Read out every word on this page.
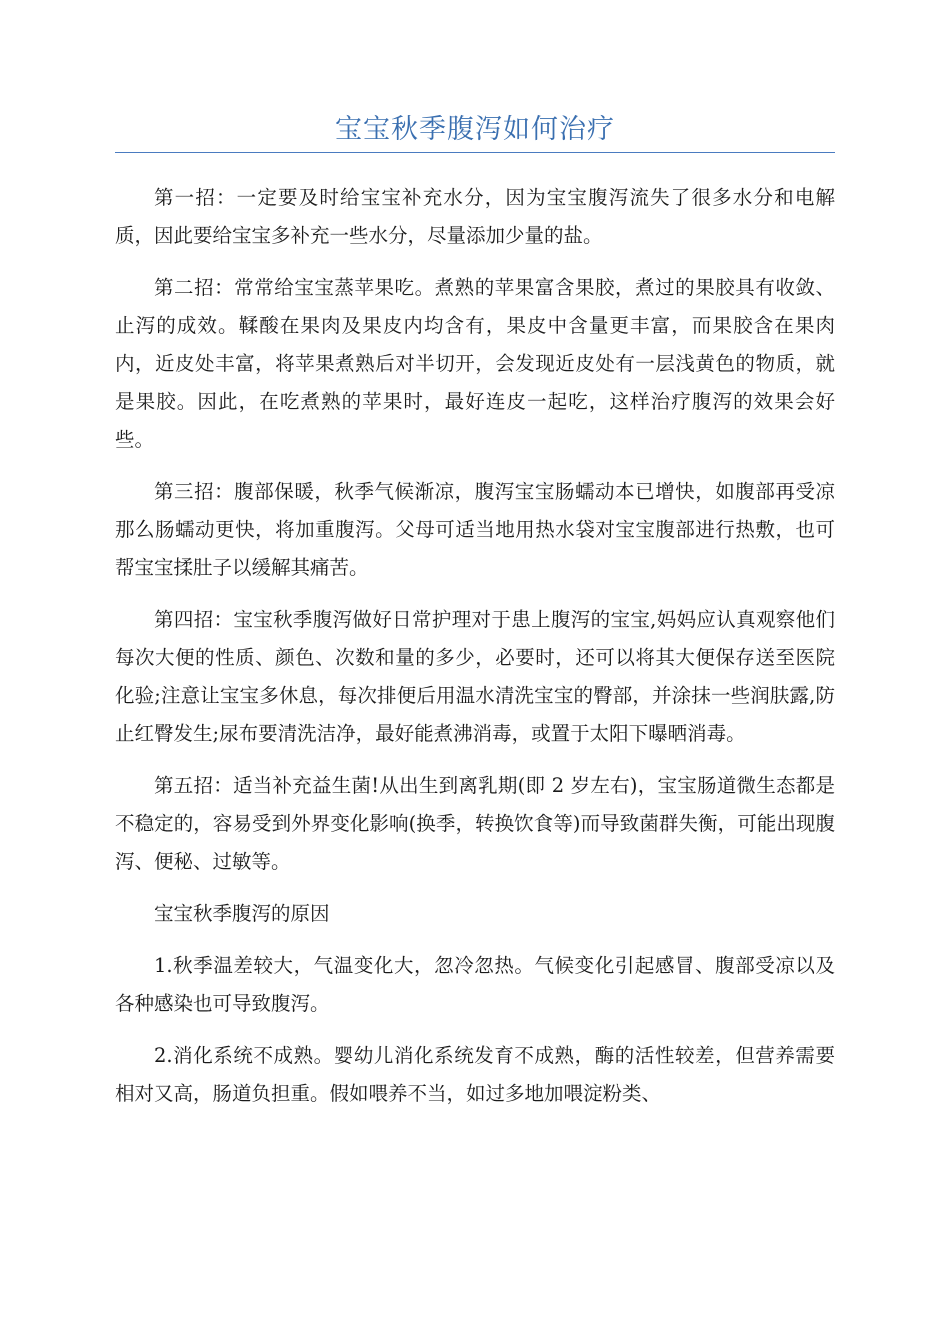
宝宝秋季腹泻如何治疗

第一招：一定要及时给宝宝补充水分，因为宝宝腹泻流失了很多水分和电解质，因此要给宝宝多补充一些水分，尽量添加少量的盐。

第二招：常常给宝宝蒸苹果吃。煮熟的苹果富含果胶，煮过的果胶具有收敛、止泻的成效。鞣酸在果肉及果皮内均含有，果皮中含量更丰富，而果胶含在果肉内，近皮处丰富，将苹果煮熟后对半切开，会发现近皮处有一层浅黄色的物质，就是果胶。因此，在吃煮熟的苹果时，最好连皮一起吃，这样治疗腹泻的效果会好些。

第三招：腹部保暖，秋季气候渐凉，腹泻宝宝肠蠕动本已增快，如腹部再受凉那么肠蠕动更快，将加重腹泻。父母可适当地用热水袋对宝宝腹部进行热敷，也可帮宝宝揉肚子以缓解其痛苦。

第四招：宝宝秋季腹泻做好日常护理对于患上腹泻的宝宝,妈妈应认真观察他们每次大便的性质、颜色、次数和量的多少，必要时，还可以将其大便保存送至医院化验;注意让宝宝多休息，每次排便后用温水清洗宝宝的臀部，并涂抹一些润肤露,防止红臀发生;尿布要清洗洁净，最好能煮沸消毒，或置于太阳下曝晒消毒。

第五招：适当补充益生菌!从出生到离乳期(即 2 岁左右)，宝宝肠道微生态都是不稳定的，容易受到外界变化影响(换季，转换饮食等)而导致菌群失衡，可能出现腹泻、便秘、过敏等。

宝宝秋季腹泻的原因

1.秋季温差较大，气温变化大，忽冷忽热。气候变化引起感冒、腹部受凉以及各种感染也可导致腹泻。

2.消化系统不成熟。婴幼儿消化系统发育不成熟，酶的活性较差，但营养需要相对又高，肠道负担重。假如喂养不当，如过多地加喂淀粉类、
